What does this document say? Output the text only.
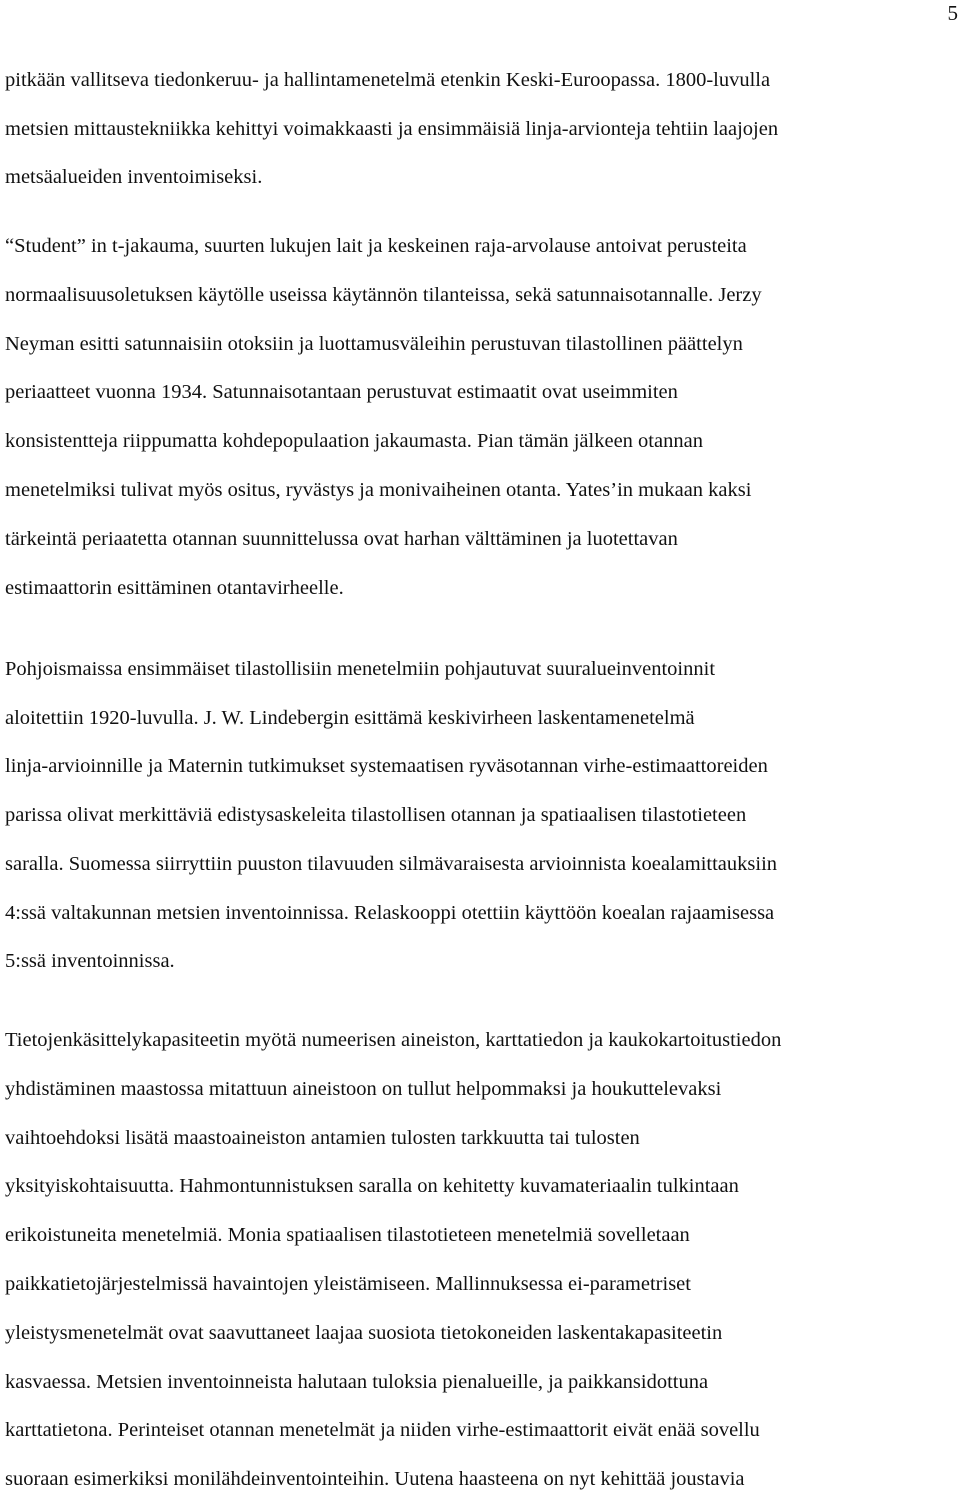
5
pitkään vallitseva tiedonkeruu- ja hallintamenetelmä etenkin Keski-Euroopassa. 1800-luvulla
metsien mittaustekniikka kehittyi voimakkaasti ja ensimmäisiä linja-arvionteja tehtiin laajojen
metsäalueiden inventoimiseksi.
“Student” in t-jakauma, suurten lukujen lait ja keskeinen raja-arvolause antoivat perusteita
normaalisuusoletuksen käytölle useissa käytännön tilanteissa, sekä satunnaisotannalle. Jerzy
Neyman esitti satunnaisiin otoksiin ja luottamusväleihin perustuvan tilastollinen päättelyn
periaatteet vuonna 1934. Satunnaisotantaan perustuvat estimaatit ovat useimmiten
konsistentteja riippumatta kohdepopulaation jakaumasta. Pian tämän jälkeen otannan
menetelmiksi tulivat myös ositus, ryvästys ja monivaiheinen otanta. Yates’in mukaan kaksi
tärkeintä periaatetta otannan suunnittelussa ovat harhan välttäminen ja luotettavan
estimaattorin esittäminen otantavirheelle.
Pohjoismaissa ensimmäiset tilastollisiin menetelmiin pohjautuvat suuralueinventoinnit
aloitettiin 1920-luvulla. J. W. Lindebergin esittämä keskivirheen laskentamenetelmä
linja-arvioinnille ja Maternin tutkimukset systemaatisen ryväsotannan virhe-estimaattoreiden
parissa olivat merkittäviä edistysaskeleita tilastollisen otannan ja spatiaalisen tilastotieteen
saralla. Suomessa siirryttiin puuston tilavuuden silmävaraisesta arvioinnista koealamittauksiin
4:ssä valtakunnan metsien inventoinnissa. Relaskooppi otettiin käyttöön koealan rajaamisessa
5:ssä inventoinnissa.
Tietojenkäsittelykapasiteetin myötä numeerisen aineiston, karttatiedon ja kaukokartoitustiedon
yhdistäminen maastossa mitattuun aineistoon on tullut helpommaksi ja houkuttelevaksi
vaihtoehdoksi lisätä maastoaineiston antamien tulosten tarkkuutta tai tulosten
yksityiskohtaisuutta. Hahmontunnistuksen saralla on kehitetty kuvamateriaalin tulkintaan
erikoistuneita menetelmiä. Monia spatiaalisen tilastotieteen menetelmiä sovelletaan
paikkatietojärjestelmissä havaintojen yleistämiseen. Mallinnuksessa ei-parametriset
yleistysmenetelmät ovat saavuttaneet laajaa suosiota tietokoneiden laskentakapasiteetin
kasvaessa. Metsien inventoinneista halutaan tuloksia pienalueille, ja paikkansidottuna
karttatietona. Perinteiset otannan menetelmät ja niiden virhe-estimaattorit eivät enää sovellu
suoraan esimerkiksi monilähdeinventointeihin. Uutena haasteena on nyt kehittää joustavia
